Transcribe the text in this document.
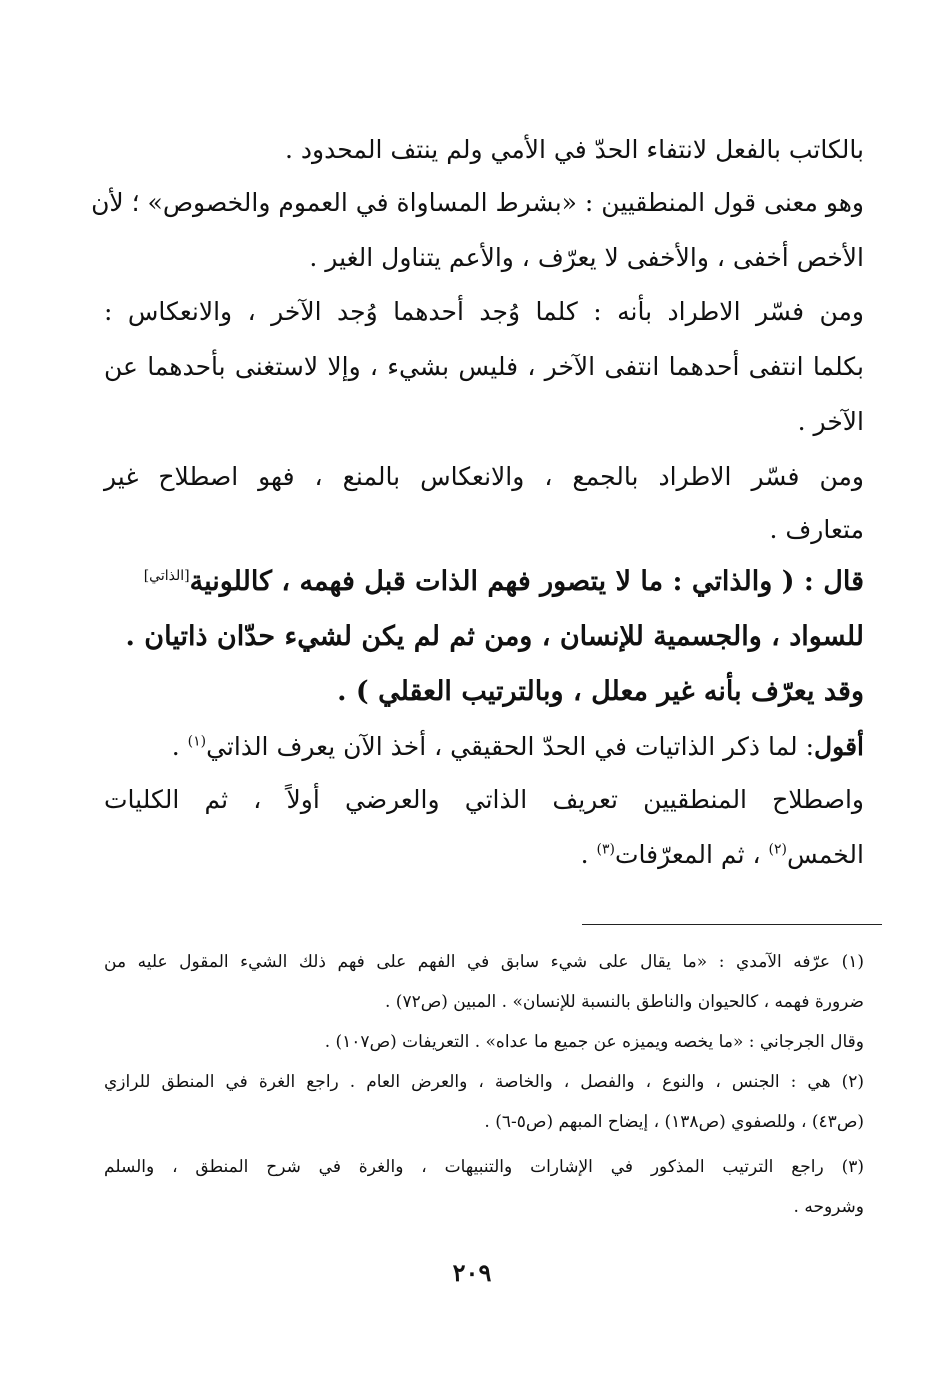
بالكاتب بالفعل لانتفاء الحدّ في الأمي ولم ينتف المحدود .
وهو معنى قول المنطقيين : «بشرط المساواة في العموم والخصوص» ؛ لأن
الأخص أخفى ، والأخفى لا يعرّف ، والأعم يتناول الغير .
ومن فسّر الاطراد بأنه : كلما وُجد أحدهما وُجد الآخر ، والانعكاس :
بكلما انتفى أحدهما انتفى الآخر ، فليس بشيء ، وإلا لاستغنى بأحدهما عن
الآخر .
ومن فسّر الاطراد بالجمع ، والانعكاس بالمنع ، فهو اصطلاح غير
متعارف .
قال : ( والذاتي : ما لا يتصور فهم الذات قبل فهمه ، كاللونية[الذاتي]
للسواد ، والجسمية للإنسان ، ومن ثم لم يكن لشيء حدّان ذاتيان .
وقد يعرّف بأنه غير معلل ، وبالترتيب العقلي ) .
أقول: لما ذكر الذاتيات في الحدّ الحقيقي ، أخذ الآن يعرف الذاتي$^{(١)}$ .
واصطلاح المنطقيين تعريف الذاتي والعرضي أولاً ، ثم الكليات
الخمس$^{(٢)}$ ، ثم المعرّفات$^{(٣)}$ .
(١) عرّفه الآمدي : «ما يقال على شيء سابق في الفهم على فهم ذلك الشيء المقول عليه من
ضرورة فهمه ، كالحيوان والناطق بالنسبة للإنسان» . المبين (ص٧٢) .
وقال الجرجاني : «ما يخصه ويميزه عن جميع ما عداه» . التعريفات (ص١٠٧) .
(٢) هي : الجنس ، والنوع ، والفصل ، والخاصة ، والعرض العام . راجع الغرة في المنطق للرازي
(ص٤٣) ، وللصفوي (ص١٣٨) ، إيضاح المبهم (ص٥-٦) .
(٣) راجع الترتيب المذكور في الإشارات والتنبيهات ، والغرة في شرح المنطق ، والسلم
وشروحه .
٢٠٩
